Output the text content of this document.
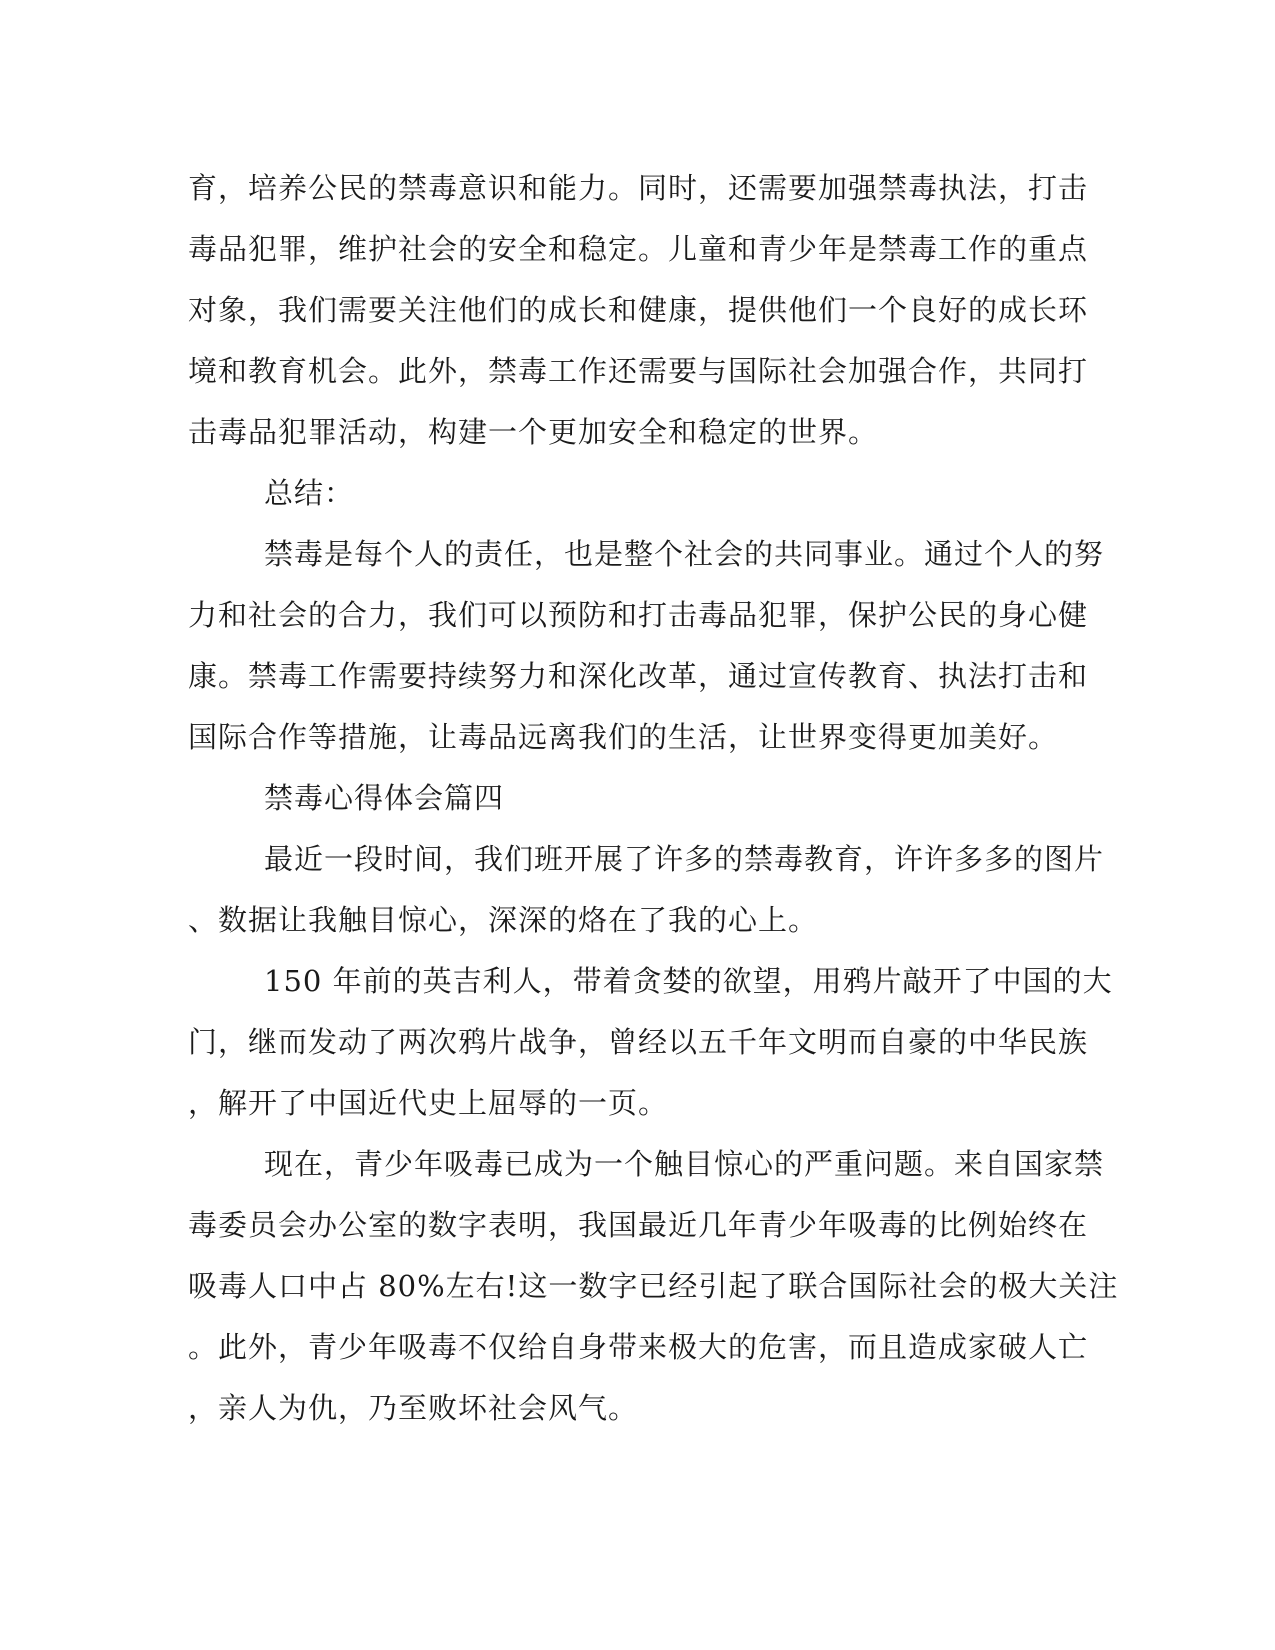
育，培养公民的禁毒意识和能力。同时，还需要加强禁毒执法，打击
毒品犯罪，维护社会的安全和稳定。儿童和青少年是禁毒工作的重点
对象，我们需要关注他们的成长和健康，提供他们一个良好的成长环
境和教育机会。此外，禁毒工作还需要与国际社会加强合作，共同打
击毒品犯罪活动，构建一个更加安全和稳定的世界。
总结：
禁毒是每个人的责任，也是整个社会的共同事业。通过个人的努
力和社会的合力，我们可以预防和打击毒品犯罪，保护公民的身心健
康。禁毒工作需要持续努力和深化改革，通过宣传教育、执法打击和
国际合作等措施，让毒品远离我们的生活，让世界变得更加美好。
禁毒心得体会篇四
最近一段时间，我们班开展了许多的禁毒教育，许许多多的图片
、数据让我触目惊心，深深的烙在了我的心上。
150 年前的英吉利人，带着贪婪的欲望，用鸦片敲开了中国的大
门，继而发动了两次鸦片战争，曾经以五千年文明而自豪的中华民族
，解开了中国近代史上屈辱的一页。
现在，青少年吸毒已成为一个触目惊心的严重问题。来自国家禁
毒委员会办公室的数字表明，我国最近几年青少年吸毒的比例始终在
吸毒人口中占 80%左右!这一数字已经引起了联合国际社会的极大关注
。此外，青少年吸毒不仅给自身带来极大的危害，而且造成家破人亡
，亲人为仇，乃至败坏社会风气。
